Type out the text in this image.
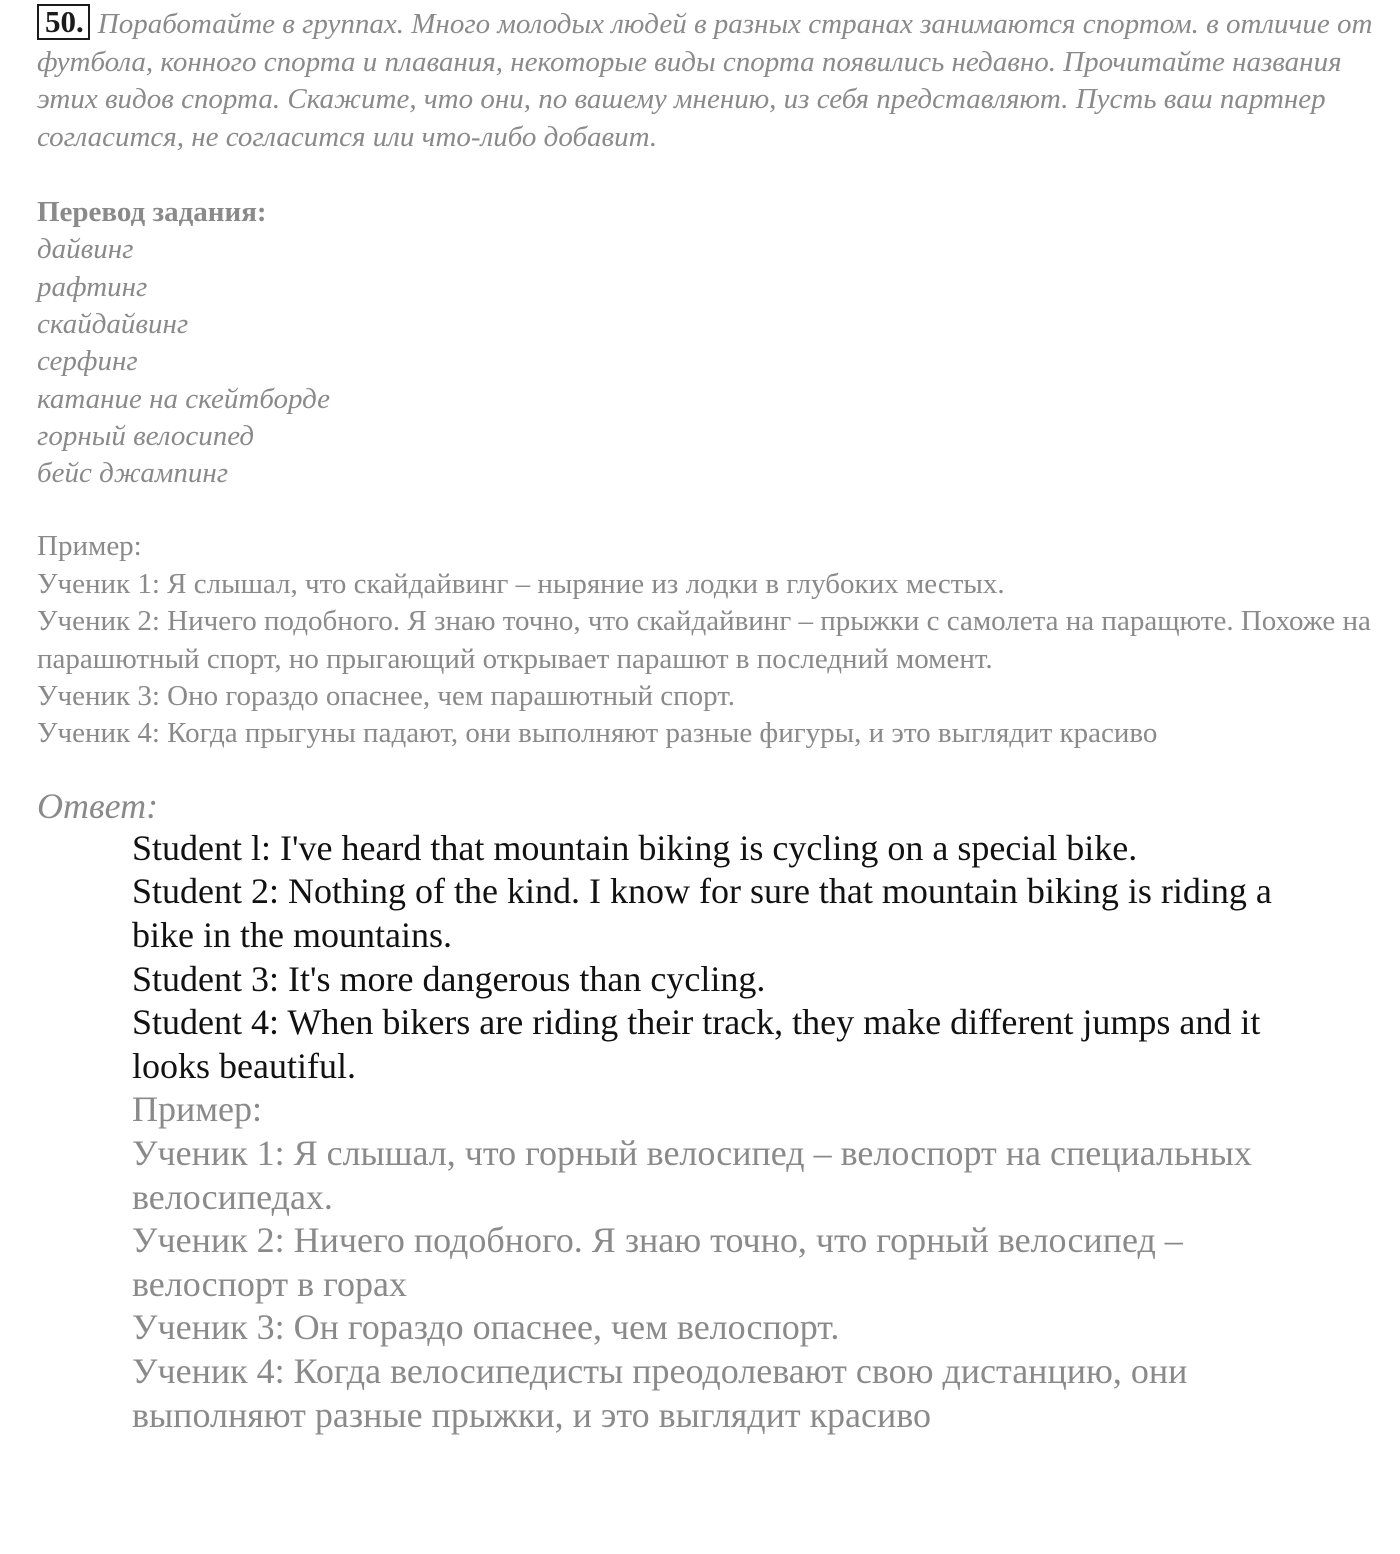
50. Поработайте в группах. Много молодых людей в разных странах занимаются спортом. в отличие от футбола, конного спорта и плавания, некоторые виды спорта появились недавно. Прочитайте названия этих видов спорта. Скажите, что они, по вашему мнению, из себя представляют. Пусть ваш партнер согласится, не согласится или что-либо добавит.

Перевод задания:
дайвинг
рафтинг
скайдайвинг
серфинг
катание на скейтборде
горный велосипед
бейс джампинг

Пример:

Ученик 1: Я слышал, что скайдайвинг – ныряние из лодки в глубоких местых.

Ученик 2: Ничего подобного. Я знаю точно, что скайдайвинг – прыжки с самолета на паращюте. Похоже на парашютный спорт, но прыгающий открывает парашют в последний момент.

Ученик 3: Оно гораздо опаснее, чем парашютный спорт.

Ученик 4: Когда прыгуны падают, они выполняют разные фигуры, и это выглядит красиво

Ответ:

Student l: I've heard that mountain biking is cycling on a special bike.

Student 2: Nothing of the kind. I know for sure that mountain biking is riding a bike in the mountains.

Student 3: It's more dangerous than cycling.

Student 4: When bikers are riding their track, they make different jumps and it looks beautiful.

Пример:

Ученик 1: Я слышал, что горный велосипед – велоспорт на специальных велосипедах.

Ученик 2: Ничего подобного. Я знаю точно, что горный велосипед – велоспорт в горах

Ученик 3: Он гораздо опаснее, чем велоспорт.

Ученик 4: Когда велосипедисты преодолевают свою дистанцию, они выполняют разные прыжки, и это выглядит красиво
